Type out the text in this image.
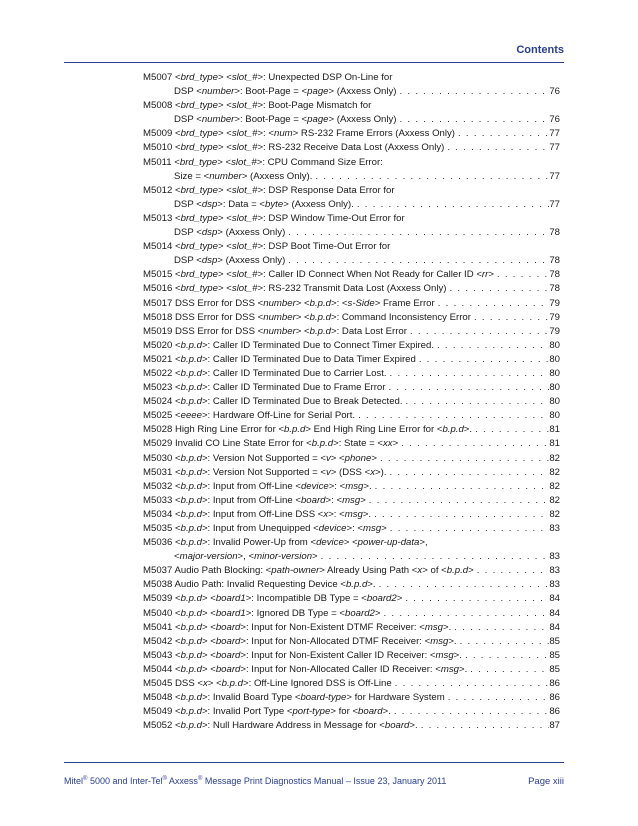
Contents
M5007 <brd_type> <slot_#>: Unexpected DSP On-Line for
DSP <number>: Boot-Page = <page> (Axxess Only) . . .	76
M5008 <brd_type> <slot_#>: Boot-Page Mismatch for
DSP <number>: Boot-Page = <page> (Axxess Only) . . .	76
M5009 <brd_type> <slot_#>: <num> RS-232 Frame Errors (Axxess Only) . . .	77
M5010 <brd_type> <slot_#>: RS-232 Receive Data Lost (Axxess Only) . . .	77
M5011 <brd_type> <slot_#>: CPU Command Size Error:
Size = <number> (Axxess Only). . . .	77
M5012 <brd_type> <slot_#>: DSP Response Data Error for
DSP <dsp>: Data = <byte> (Axxess Only). . . .	77
M5013 <brd_type> <slot_#>: DSP Window Time-Out Error for
DSP <dsp> (Axxess Only) . . .	78
M5014 <brd_type> <slot_#>: DSP Boot Time-Out Error for
DSP <dsp> (Axxess Only) . . .	78
M5015 <brd_type> <slot_#>: Caller ID Connect When Not Ready for Caller ID <rr> . . .	78
M5016 <brd_type> <slot_#>: RS-232 Transmit Data Lost (Axxess Only) . . .	78
M5017 DSS Error for DSS <number> <b.p.d>: <s-Side> Frame Error . . .	79
M5018 DSS Error for DSS <number> <b.p.d>: Command Inconsistency Error . . .	79
M5019 DSS Error for DSS <number> <b.p.d>: Data Lost Error . . .	79
M5020 <b.p.d>: Caller ID Terminated Due to Connect Timer Expired. . . .	80
M5021 <b.p.d>: Caller ID Terminated Due to Data Timer Expired . . .	80
M5022 <b.p.d>: Caller ID Terminated Due to Carrier Lost. . . .	80
M5023 <b.p.d>: Caller ID Terminated Due to Frame Error . . .	80
M5024 <b.p.d>: Caller ID Terminated Due to Break Detected. . . .	80
M5025 <eeee>: Hardware Off-Line for Serial Port. . . .	80
M5028 High Ring Line Error for <b.p.d> End High Ring Line Error for <b.p.d>. . . .	81
M5029 Invalid CO Line State Error for <b.p.d>: State = <xx> . . .	81
M5030 <b.p.d>: Version Not Supported = <v> <phone> . . .	82
M5031 <b.p.d>: Version Not Supported = <v> (DSS <x>). . . .	82
M5032 <b.p.d>: Input from Off-Line <device>: <msg>. . . .	82
M5033 <b.p.d>: Input from Off-Line <board>: <msg> . . .	82
M5034 <b.p.d>: Input from Off-Line DSS <x>: <msg>. . . .	82
M5035 <b.p.d>: Input from Unequipped <device>: <msg> . . .	83
M5036 <b.p.d>: Invalid Power-Up from <device> <power-up-data>,
<major-version>, <minor-version> . . .	83
M5037 Audio Path Blocking: <path-owner> Already Using Path <x> of <b.p.d> . . .	83
M5038 Audio Path: Invalid Requesting Device <b.p.d>. . . .	83
M5039 <b.p.d> <board1>: Incompatible DB Type = <board2> . . .	84
M5040 <b.p.d> <board1>: Ignored DB Type = <board2> . . .	84
M5041 <b.p.d> <board>: Input for Non-Existent DTMF Receiver: <msg>. . . .	84
M5042 <b.p.d> <board>: Input for Non-Allocated DTMF Receiver: <msg>. . . .	85
M5043 <b.p.d> <board>: Input for Non-Existent Caller ID Receiver: <msg>. . . .	85
M5044 <b.p.d> <board>: Input for Non-Allocated Caller ID Receiver: <msg>. . . .	85
M5045 DSS <x> <b.p.d>: Off-Line Ignored DSS is Off-Line . . .	86
M5048 <b.p.d>: Invalid Board Type <board-type> for Hardware System . . .	86
M5049 <b.p.d>: Invalid Port Type <port-type> for <board>. . . .	86
M5052 <b.p.d>: Null Hardware Address in Message for <board>. . . .	87
Mitel® 5000 and Inter-Tel® Axxess® Message Print Diagnostics Manual – Issue 23, January 2011	Page xiii
